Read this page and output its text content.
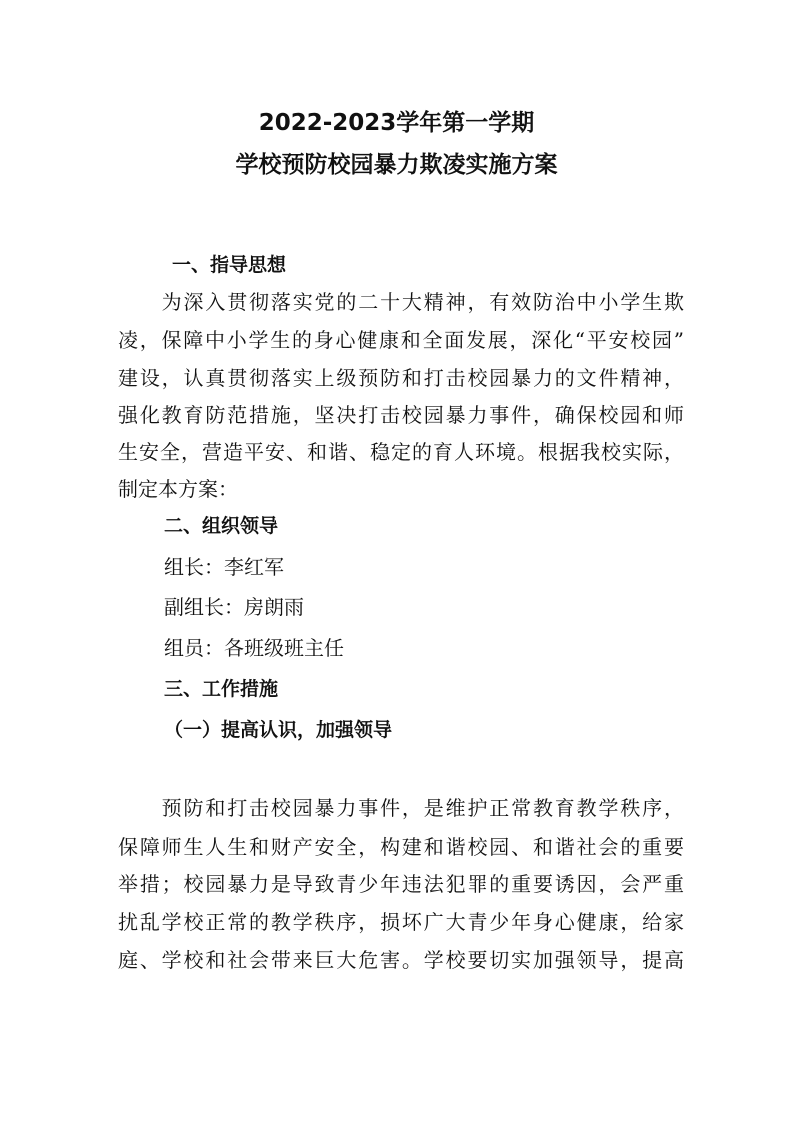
2022-2023学年第一学期
学校预防校园暴力欺凌实施方案
一、指导思想
　　为深入贯彻落实党的二十大精神，有效防治中小学生欺
凌，保障中小学生的身心健康和全面发展，深化“平安校园”
建设，认真贯彻落实上级预防和打击校园暴力的文件精神，
强化教育防范措施，坚决打击校园暴力事件，确保校园和师
生安全，营造平安、和谐、稳定的育人环境。根据我校实际，
制定本方案：
二、组织领导
组长：李红军
副组长：房朗雨
组员：各班级班主任
三、工作措施
（一）提高认识，加强领导
　　预防和打击校园暴力事件，是维护正常教育教学秩序，
保障师生人生和财产安全，构建和谐校园、和谐社会的重要
举措；校园暴力是导致青少年违法犯罪的重要诱因，会严重
扰乱学校正常的教学秩序，损坏广大青少年身心健康，给家
庭、学校和社会带来巨大危害。学校要切实加强领导，提高
